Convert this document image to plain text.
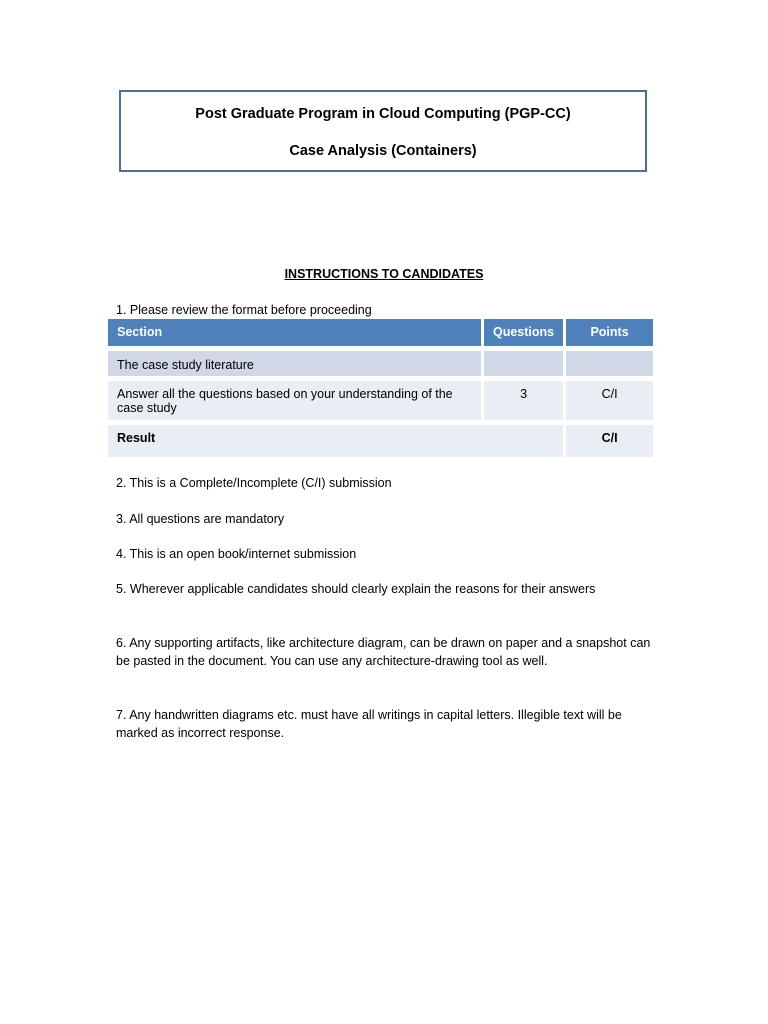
Post Graduate Program in Cloud Computing (PGP-CC)
Case Analysis (Containers)
INSTRUCTIONS TO CANDIDATES
1. Please review the format before proceeding
Section	Questions	Points
The case study literature		
Answer all the questions based on your understanding of the case study	3	C/I
Result		C/I
2. This is a Complete/Incomplete (C/I) submission
3. All questions are mandatory
4. This is an open book/internet submission
5. Wherever applicable candidates should clearly explain the reasons for their answers
6. Any supporting artifacts, like architecture diagram, can be drawn on paper and a snapshot can be pasted in the document. You can use any architecture-drawing tool as well.
7. Any handwritten diagrams etc. must have all writings in capital letters. Illegible text will be marked as incorrect response.
